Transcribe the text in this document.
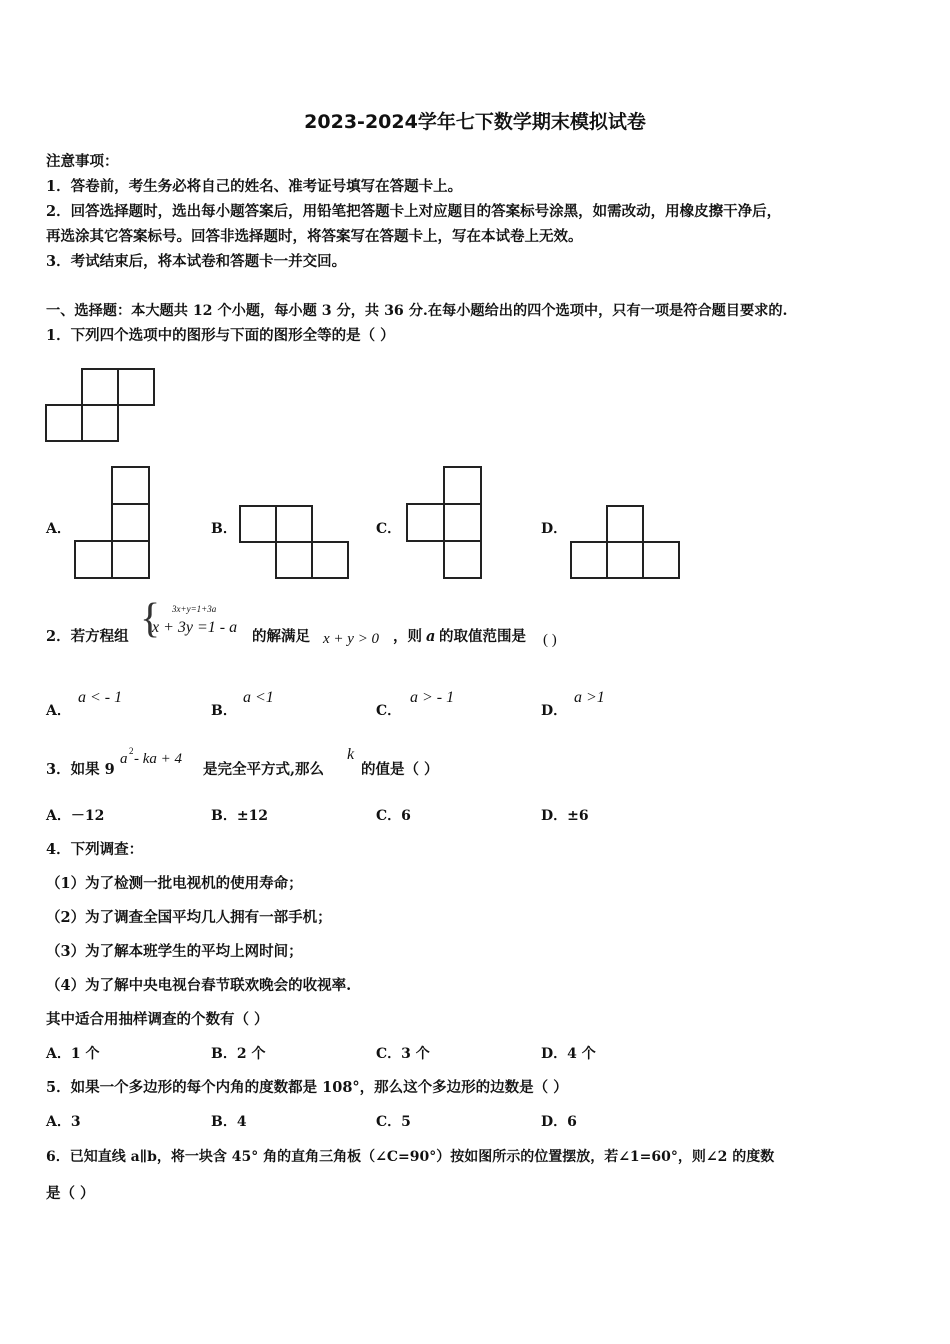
2023-2024学年七下数学期末模拟试卷
注意事项：
1．答卷前，考生务必将自己的姓名、准考证号填写在答题卡上。
2．回答选择题时，选出每小题答案后，用铅笔把答题卡上对应题目的答案标号涂黑，如需改动，用橡皮擦干净后，
再选涂其它答案标号。回答非选择题时，将答案写在答题卡上，写在本试卷上无效。
3．考试结束后，将本试卷和答题卡一并交回。
一、选择题：本大题共 12 个小题，每小题 3 分，共 36 分.在每小题给出的四个选项中，只有一项是符合题目要求的.
1．下列四个选项中的图形与下面的图形全等的是（ ）
A．	B．	C．	D．
2．若方程组 { 3x+y=1+3a
x + 3y =1 - a
的解满足 x + y > 0 ，则 a 的取值范围是 ( )
A．
a < - 1
B．
a <1
C．
a > - 1
D．
a >1
3．如果 9
a 2 - ka + 4
是完全平方式,那么
k
的值是（ ）
A．－12	B．±12	C．6	D．±6
4．下列调查：
（1）为了检测一批电视机的使用寿命；
（2）为了调查全国平均几人拥有一部手机；
（3）为了解本班学生的平均上网时间；
（4）为了解中央电视台春节联欢晚会的收视率.
其中适合用抽样调查的个数有（ ）
A．1 个	B．2 个	C．3 个	D．4 个
5．如果一个多边形的每个内角的度数都是 108°，那么这个多边形的边数是（ ）
A．3	B．4	C．5	D．6
6．已知直线 a∥b，将一块含 45° 角的直角三角板（∠C=90°）按如图所示的位置摆放，若∠1=60°，则∠2 的度数
是（ ）
